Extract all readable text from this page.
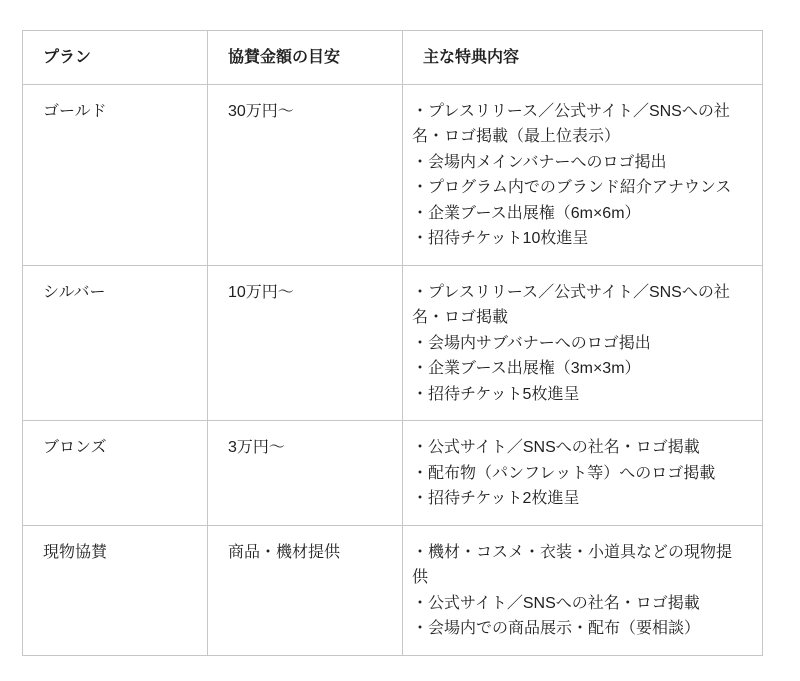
プラン	協賛金額の目安	主な特典内容
ゴールド	30万円〜	・プレスリリース／公式サイト／SNSへの社名・ロゴ掲載（最上位表示）
・会場内メインバナーへのロゴ掲出
・プログラム内でのブランド紹介アナウンス
・企業ブース出展権（6m×6m）
・招待チケット10枚進呈

シルバー	10万円〜	・プレスリリース／公式サイト／SNSへの社名・ロゴ掲載
・会場内サブバナーへのロゴ掲出
・企業ブース出展権（3m×3m）
・招待チケット5枚進呈

ブロンズ	3万円〜	・公式サイト／SNSへの社名・ロゴ掲載
・配布物（パンフレット等）へのロゴ掲載
・招待チケット2枚進呈

現物協賛	商品・機材提供	・機材・コスメ・衣装・小道具などの現物提供
・公式サイト／SNSへの社名・ロゴ掲載
・会場内での商品展示・配布（要相談）
